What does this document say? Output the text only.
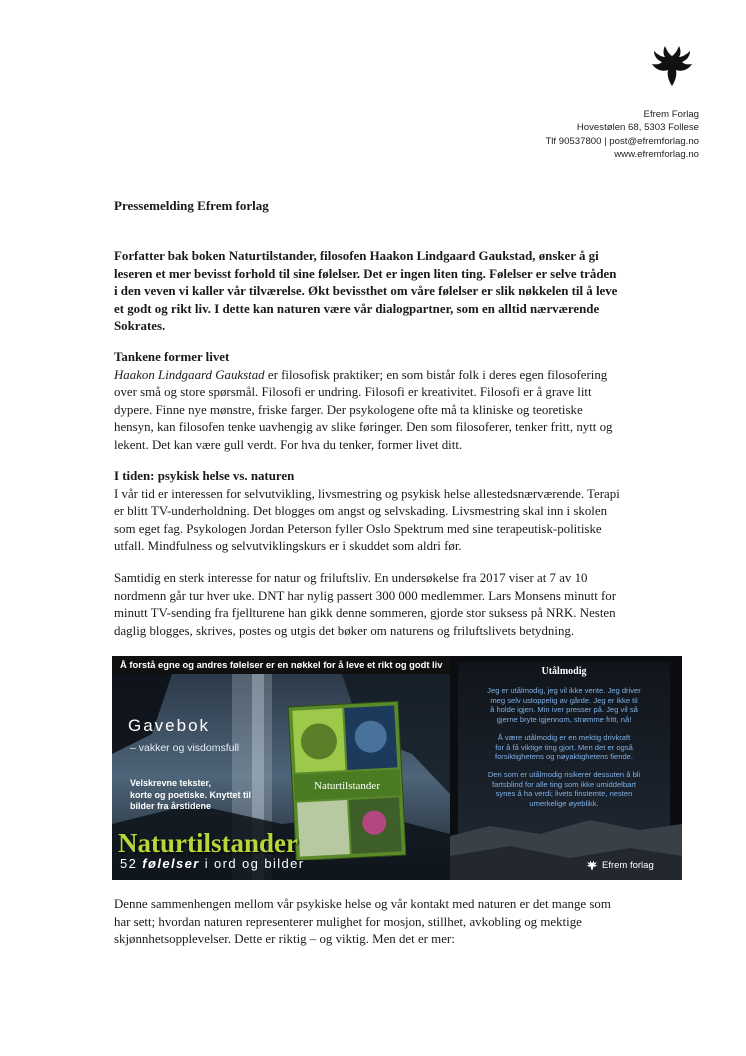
Efrem Forlag
Hovestølen 68, 5303 Follese
Tlf 90537800 | post@efremforlag.no
www.efremforlag.no
Pressemelding Efrem forlag
Forfatter bak boken Naturtilstander, filosofen Haakon Lindgaard Gaukstad, ønsker å gi
leseren et mer bevisst forhold til sine følelser. Det er ingen liten ting. Følelser er selve tråden
i den veven vi kaller vår tilværelse. Økt bevissthet om våre følelser er slik nøkkelen til å leve
et godt og rikt liv. I dette kan naturen være vår dialogpartner, som en alltid nærværende
Sokrates.
Tankene former livet
Haakon Lindgaard Gaukstad er filosofisk praktiker; en som bistår folk i deres egen filosofering
over små og store spørsmål. Filosofi er undring. Filosofi er kreativitet. Filosofi er å grave litt
dypere. Finne nye mønstre, friske farger. Der psykologene ofte må ta kliniske og teoretiske
hensyn, kan filosofen tenke uavhengig av slike føringer. Den som filosoferer, tenker fritt, nytt og
lekent. Det kan være gull verdt. For hva du tenker, former livet ditt.
I tiden: psykisk helse vs. naturen
I vår tid er interessen for selvutvikling, livsmestring og psykisk helse allestedsnærværende. Terapi
er blitt TV-underholdning. Det blogges om angst og selvskading. Livsmestring skal inn i skolen
som eget fag. Psykologen Jordan Peterson fyller Oslo Spektrum med sine terapeutisk-politiske
utfall. Mindfulness og selvutviklingskurs er i skuddet som aldri før.
Samtidig en sterk interesse for natur og friluftsliv. En undersøkelse fra 2017 viser at 7 av 10
nordmenn går tur hver uke. DNT har nylig passert 300 000 medlemmer. Lars Monsens minutt for
minutt TV-sending fra fjellturene han gikk denne sommeren, gjorde stor suksess på NRK. Nesten
daglig blogges, skrives, postes og utgis det bøker om naturens og friluftslivets betydning.
Denne sammenhengen mellom vår psykiske helse og vår kontakt med naturen er det mange som
har sett; hvordan naturen representerer mulighet for mosjon, stillhet, avkobling og mektige
skjønnhetsopplevelser. Dette er riktig – og viktig. Men det er mer:
Å forstå egne og andres følelser er en nøkkel for å leve et rikt og godt liv
Gavebok
– vakker og visdomsfull
Velskrevne tekster,
korte og poetiske. Knyttet til
bilder fra årstidene
Naturtilstander
Naturtilstander
52 følelser i ord og bilder
Utålmodig
Jeg er utålmodig, jeg vil ikke vente. Jeg driver
meg selv ustoppelig av gårde. Jeg er ikke til
å holde igjen. Min iver presser på. Jeg vil så
gjerne bryte igjennom, strømme fritt, nå!
Å være utålmodig er en mektig drivkraft
for å få viktige ting gjort. Men det er også
forsiktighetens og nøyaktighetens fiende.
Den som er utålmodig risikerer dessuten å bli
fartsblind for alle ting som ikke umiddelbart
synes å ha verdi; livets finstemte, nesten
umerkelige øyeblikk.
Efrem forlag
